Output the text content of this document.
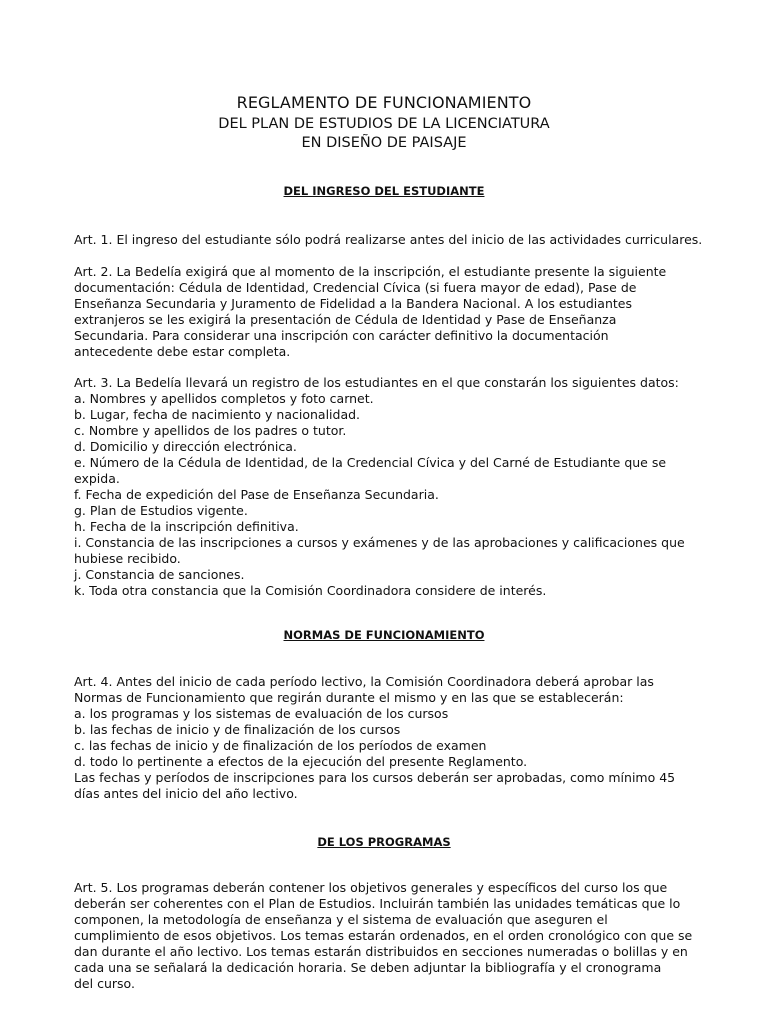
REGLAMENTO DE FUNCIONAMIENTO
DEL PLAN DE ESTUDIOS DE LA LICENCIATURA
EN DISEÑO DE PAISAJE
DEL INGRESO DEL ESTUDIANTE
Art. 1. El ingreso del estudiante sólo podrá realizarse antes del inicio de las actividades curriculares.
Art. 2. La Bedelía exigirá que al momento de la inscripción, el estudiante presente la siguiente
documentación: Cédula de Identidad, Credencial Cívica (si fuera mayor de edad), Pase de
Enseñanza Secundaria y Juramento de Fidelidad a la Bandera Nacional. A los estudiantes
extranjeros se les exigirá la presentación de Cédula de Identidad y Pase de Enseñanza
Secundaria. Para considerar una inscripción con carácter definitivo la documentación
antecedente debe estar completa.
Art. 3. La Bedelía llevará un registro de los estudiantes en el que constarán los siguientes datos:
a. Nombres y apellidos completos y foto carnet.
b. Lugar, fecha de nacimiento y nacionalidad.
c. Nombre y apellidos de los padres o tutor.
d. Domicilio y dirección electrónica.
e. Número de la Cédula de Identidad, de la Credencial Cívica y del Carné de Estudiante que se
expida.
f. Fecha de expedición del Pase de Enseñanza Secundaria.
g. Plan de Estudios vigente.
h. Fecha de la inscripción definitiva.
i. Constancia de las inscripciones a cursos y exámenes y de las aprobaciones y calificaciones que
hubiese recibido.
j. Constancia de sanciones.
k. Toda otra constancia que la Comisión Coordinadora considere de interés.
NORMAS DE FUNCIONAMIENTO
Art. 4. Antes del inicio de cada período lectivo, la Comisión Coordinadora deberá aprobar las
Normas de Funcionamiento que regirán durante el mismo y en las que se establecerán:
a. los programas y los sistemas de evaluación de los cursos
b. las fechas de inicio y de finalización de los cursos
c. las fechas de inicio y de finalización de los períodos de examen
d. todo lo pertinente a efectos de la ejecución del presente Reglamento.
Las fechas y períodos de inscripciones para los cursos deberán ser aprobadas, como mínimo 45
días antes del inicio del año lectivo.
DE LOS PROGRAMAS
Art. 5. Los programas deberán contener los objetivos generales y específicos del curso los que
deberán ser coherentes con el Plan de Estudios. Incluirán también las unidades temáticas que lo
componen, la metodología de enseñanza y el sistema de evaluación que aseguren el
cumplimiento de esos objetivos. Los temas estarán ordenados, en el orden cronológico con que se
dan durante el año lectivo. Los temas estarán distribuidos en secciones numeradas o bolillas y en
cada una se señalará la dedicación horaria. Se deben adjuntar la bibliografía y el cronograma
del curso.
